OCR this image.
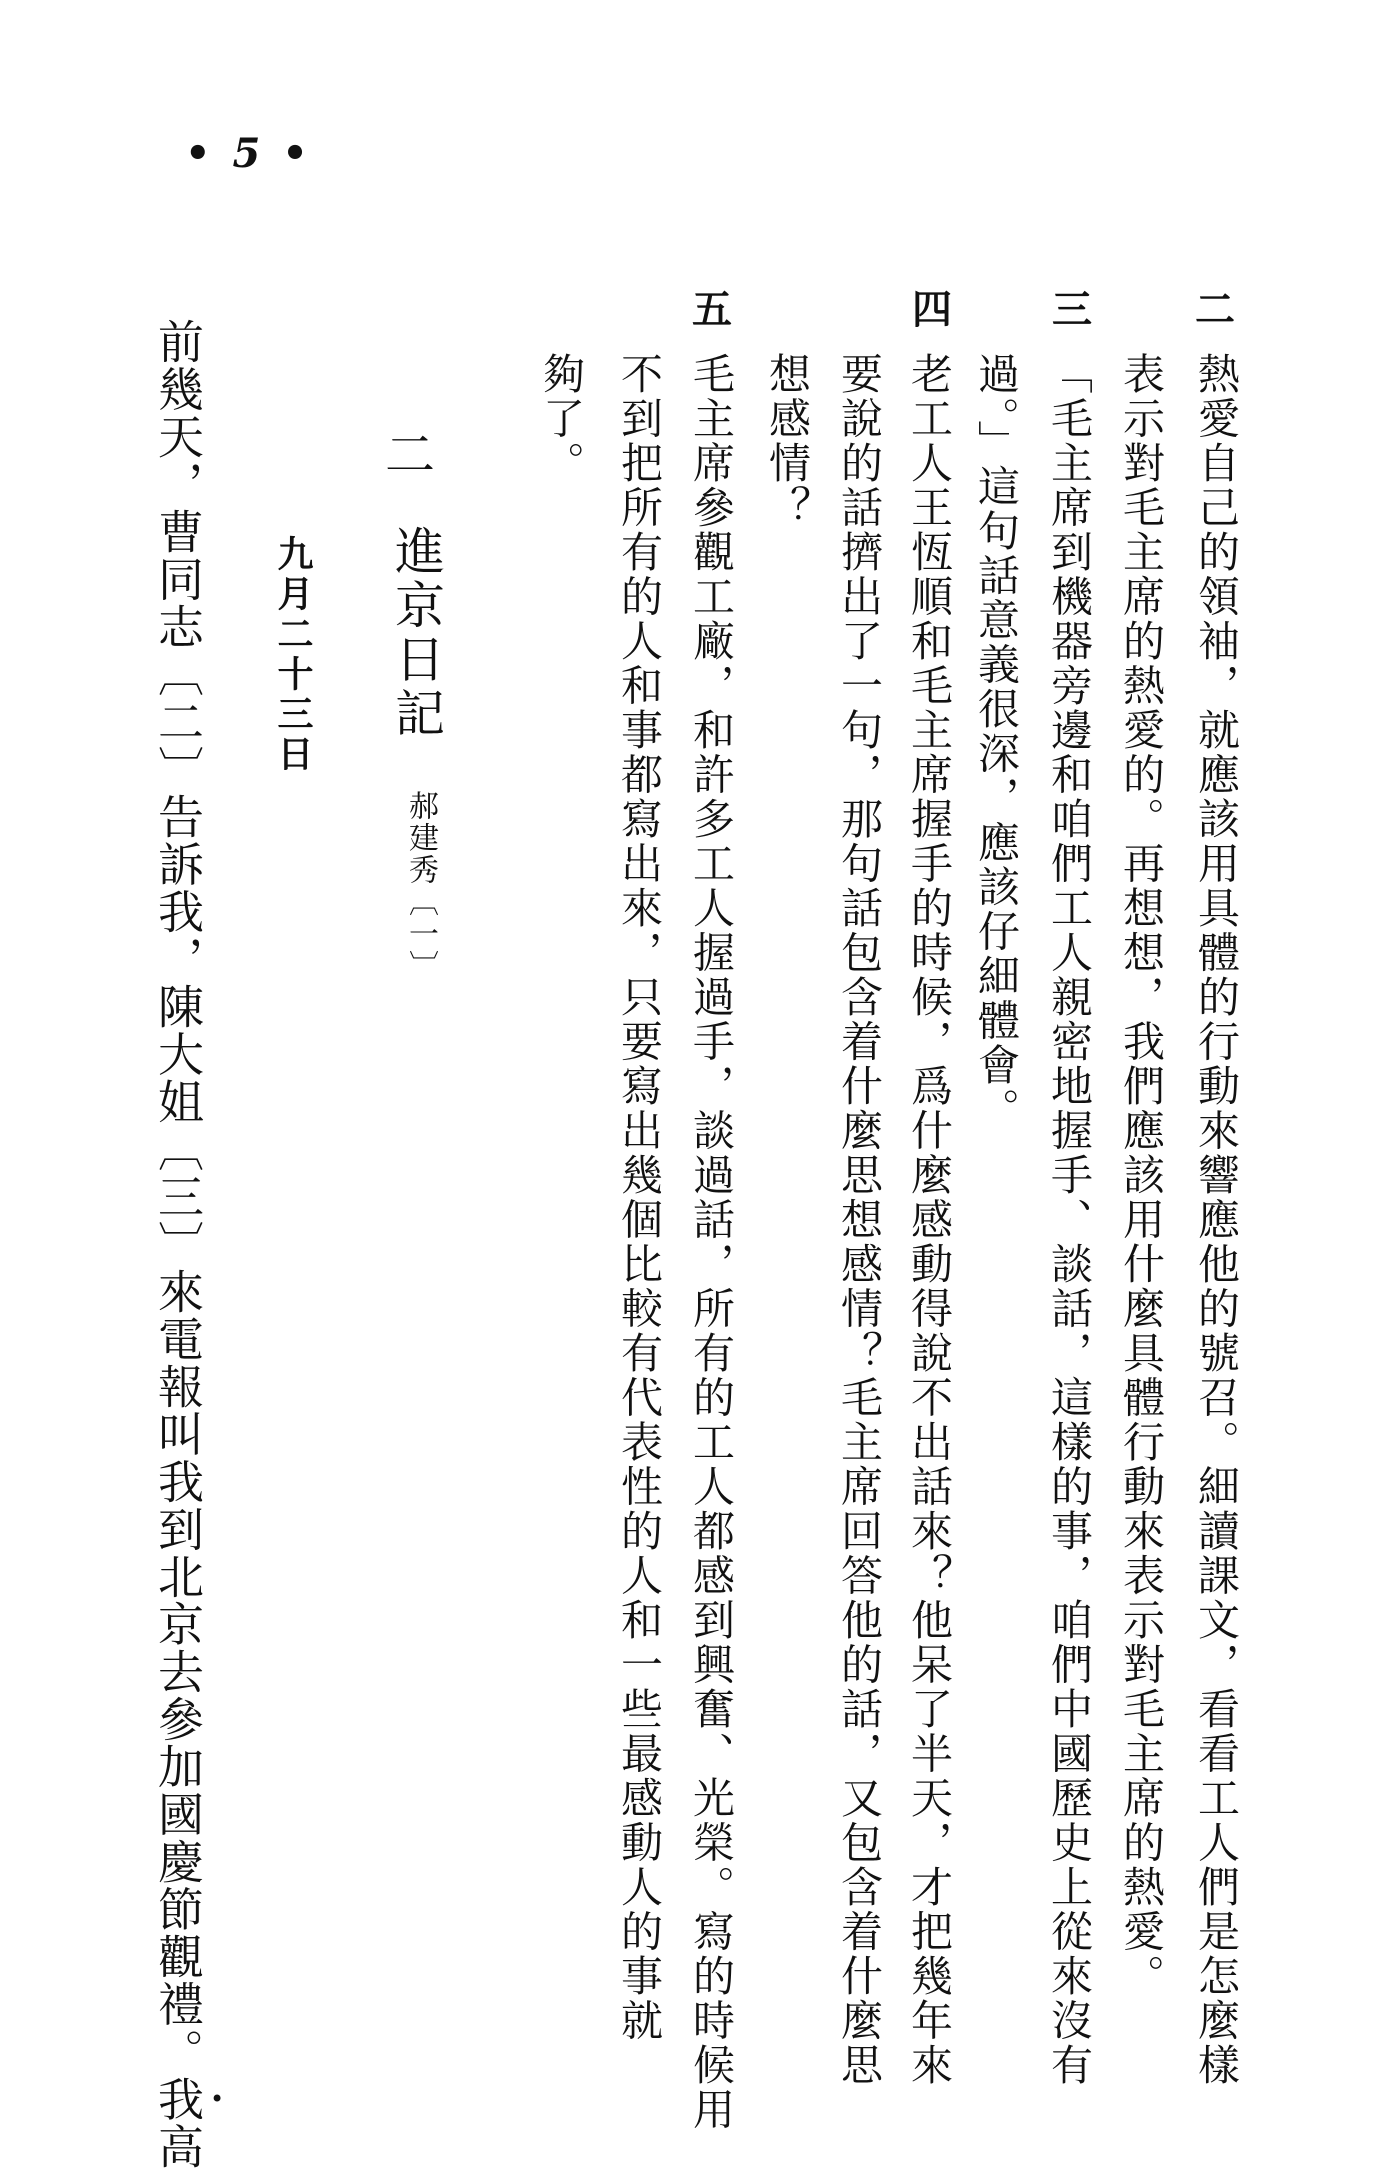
• 5 •
二
熱愛自己的領袖，就應該用具體的行動來響應他的號召。細讀課文，看看工人們是怎麼樣
表示對毛主席的熱愛的。再想想，我們應該用什麼具體行動來表示對毛主席的熱愛。
三
「毛主席到機器旁邊和咱們工人親密地握手、談話，這樣的事，咱們中國歷史上從來沒有
過。」這句話意義很深，應該仔細體會。
四
老工人王恆順和毛主席握手的時候，爲什麼感動得說不出話來？他呆了半天，才把幾年來
要說的話擠出了一句，那句話包含着什麼思想感情？毛主席回答他的話，又包含着什麼思
想感情？
五
毛主席參觀工廠，和許多工人握過手，談過話，所有的工人都感到興奮、光榮。寫的時候用
不到把所有的人和事都寫出來，只要寫出幾個比較有代表性的人和一些最感動人的事就
夠了。
二
進京日記
郝建秀〔一〕
九月二十三日
前幾天，曹同志〔二〕告訴我，陳大姐〔三〕來電報叫我到北京去參加國慶節觀禮。我高 •
